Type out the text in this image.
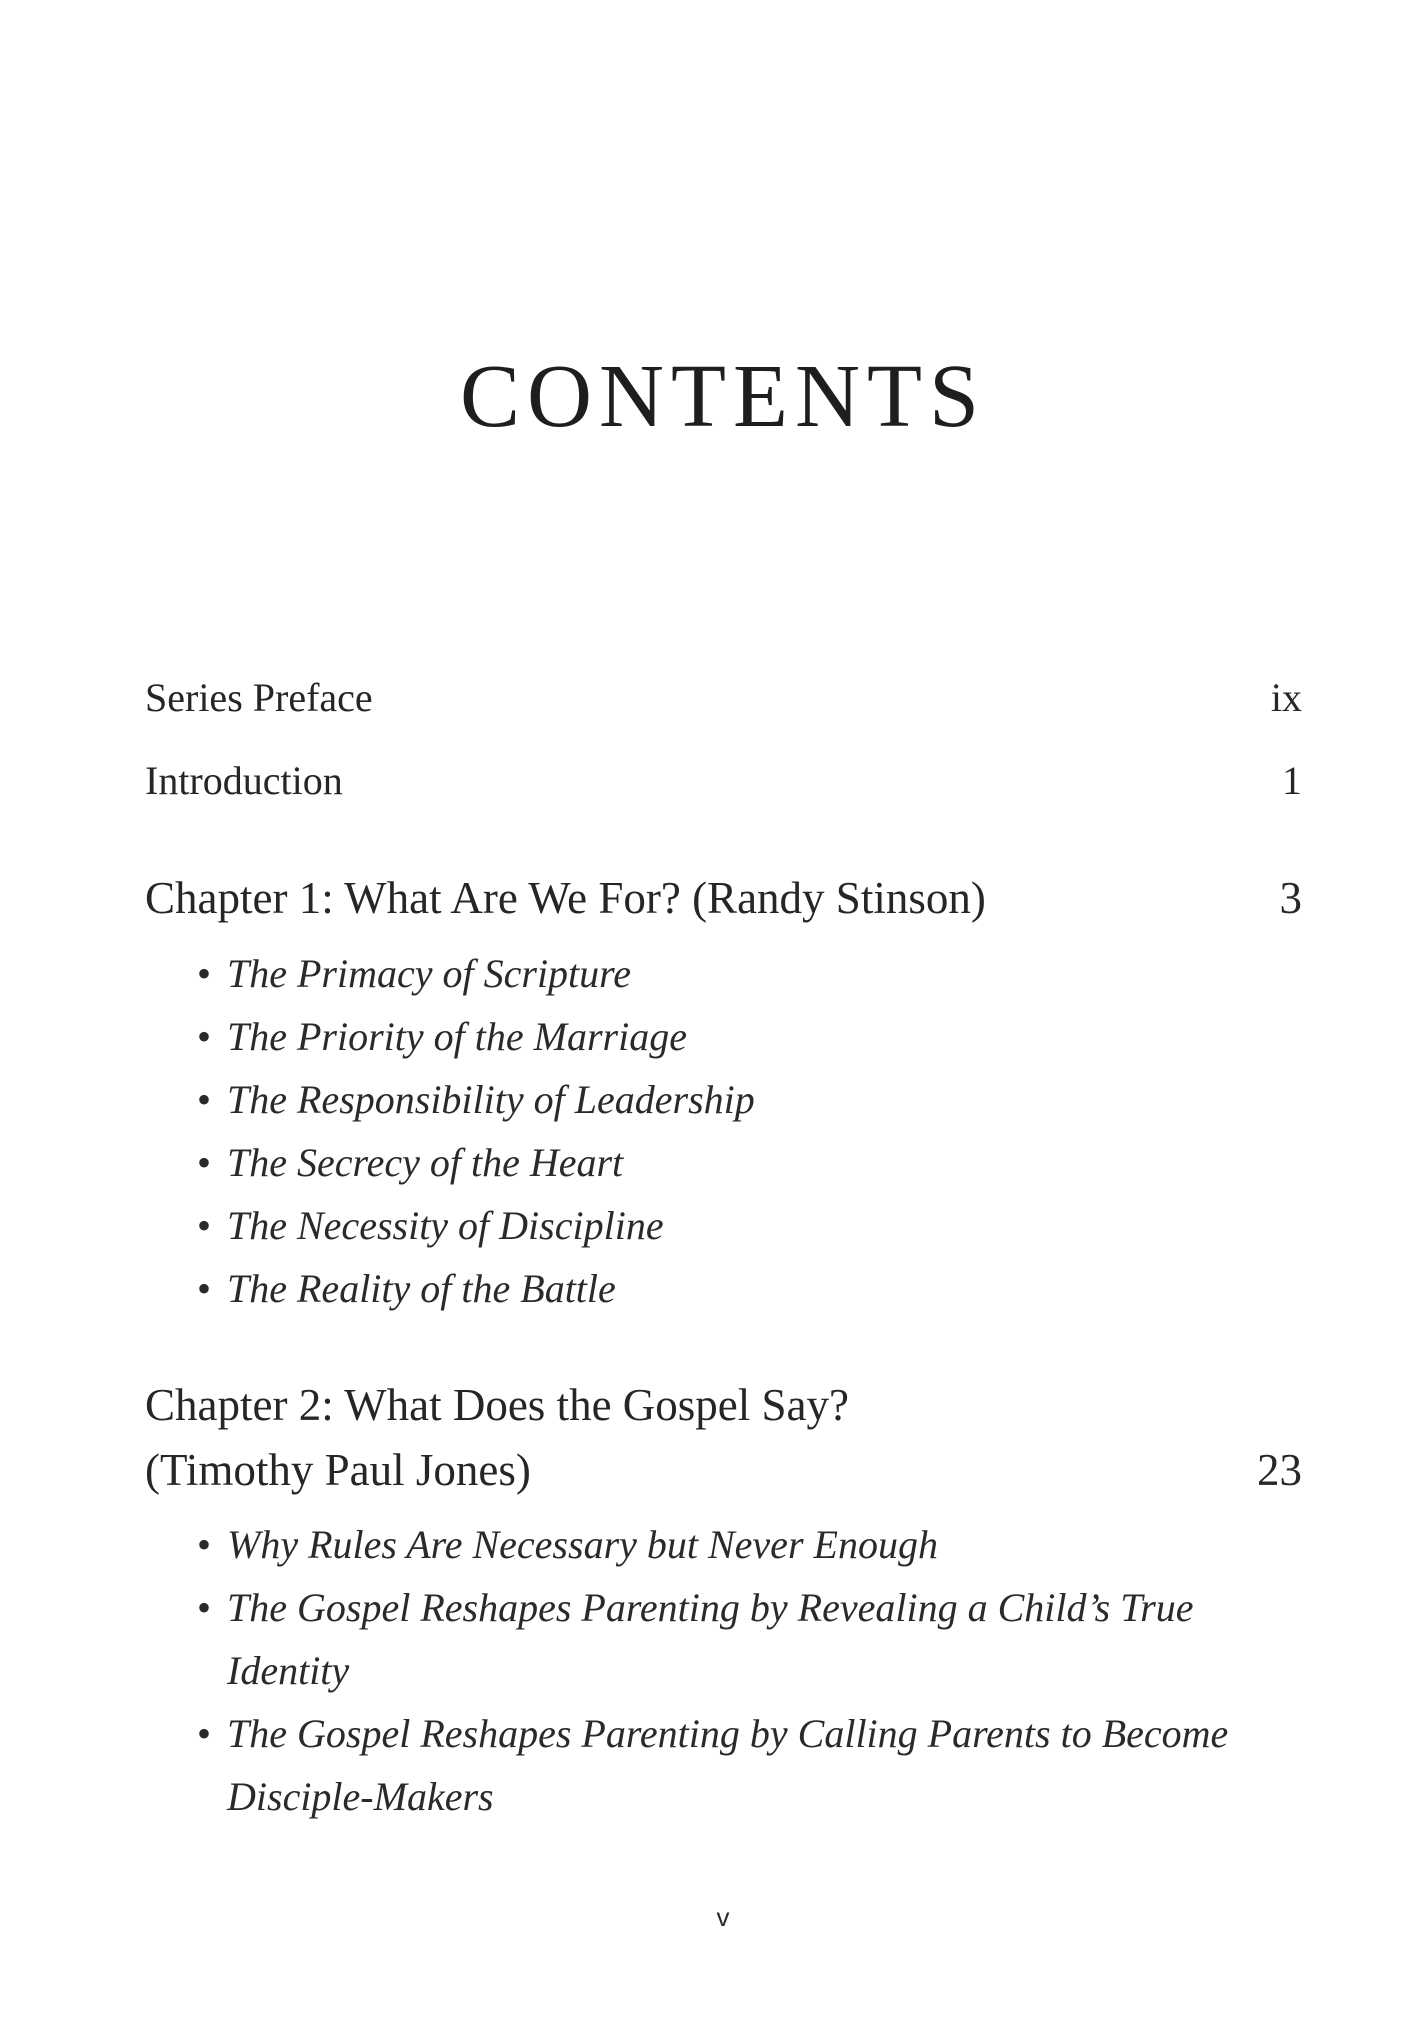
CONTENTS
Series Preface	ix
Introduction	1
Chapter 1: What Are We For? (Randy Stinson)	3
• The Primacy of Scripture
• The Priority of the Marriage
• The Responsibility of Leadership
• The Secrecy of the Heart
• The Necessity of Discipline
• The Reality of the Battle
Chapter 2: What Does the Gospel Say?
(Timothy Paul Jones)	23
• Why Rules Are Necessary but Never Enough
• The Gospel Reshapes Parenting by Revealing a Child’s True
Identity
• The Gospel Reshapes Parenting by Calling Parents to Become
Disciple-Makers
v
